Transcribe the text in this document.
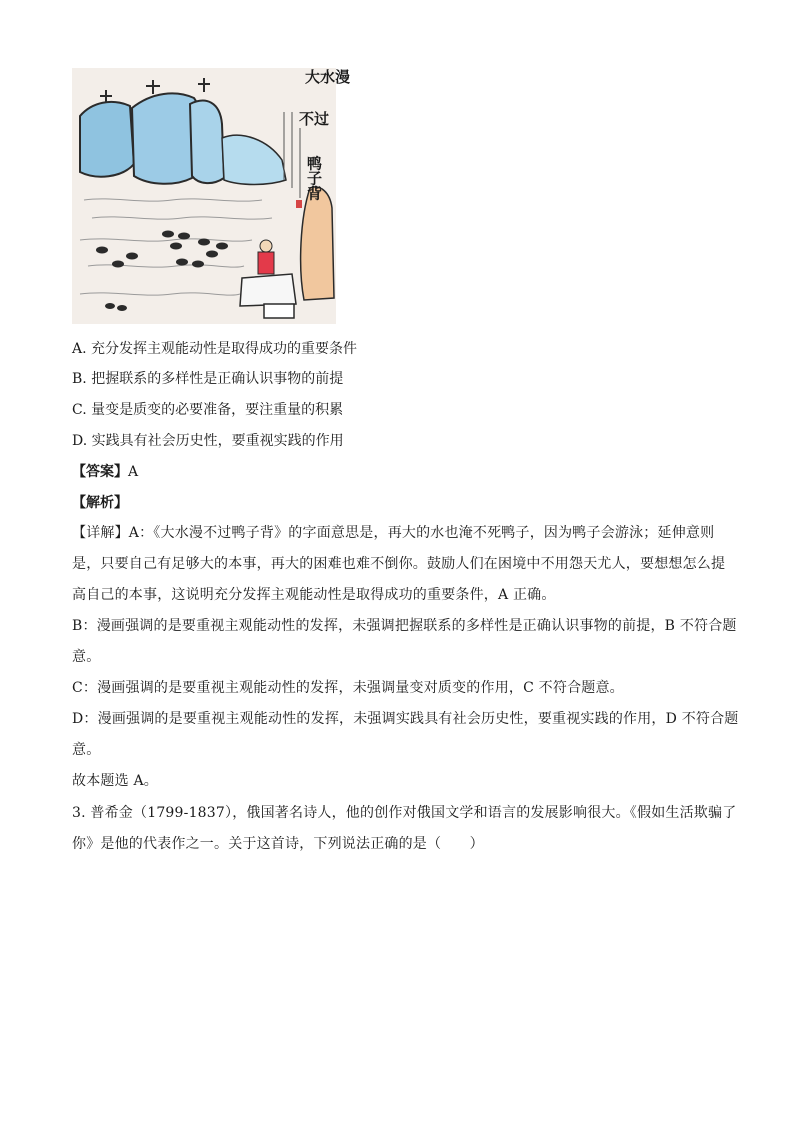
大水漫
不过
鸭子背
A. 充分发挥主观能动性是取得成功的重要条件
B. 把握联系的多样性是正确认识事物的前提
C. 量变是质变的必要准备，要注重量的积累
D. 实践具有社会历史性，要重视实践的作用
【答案】A
【解析】
【详解】A：《大水漫不过鸭子背》的字面意思是，再大的水也淹不死鸭子，因为鸭子会游泳；延伸意则
是，只要自己有足够大的本事，再大的困难也难不倒你。鼓励人们在困境中不用怨天尤人，要想想怎么提
高自己的本事，这说明充分发挥主观能动性是取得成功的重要条件，A 正确。
B：漫画强调的是要重视主观能动性的发挥，未强调把握联系的多样性是正确认识事物的前提，B 不符合题
意。
C：漫画强调的是要重视主观能动性的发挥，未强调量变对质变的作用，C 不符合题意。
D：漫画强调的是要重视主观能动性的发挥，未强调实践具有社会历史性，要重视实践的作用，D 不符合题
意。
故本题选 A。
3. 普希金（1799-1837），俄国著名诗人，他的创作对俄国文学和语言的发展影响很大。《假如生活欺骗了
你》是他的代表作之一。关于这首诗，下列说法正确的是（　　）
